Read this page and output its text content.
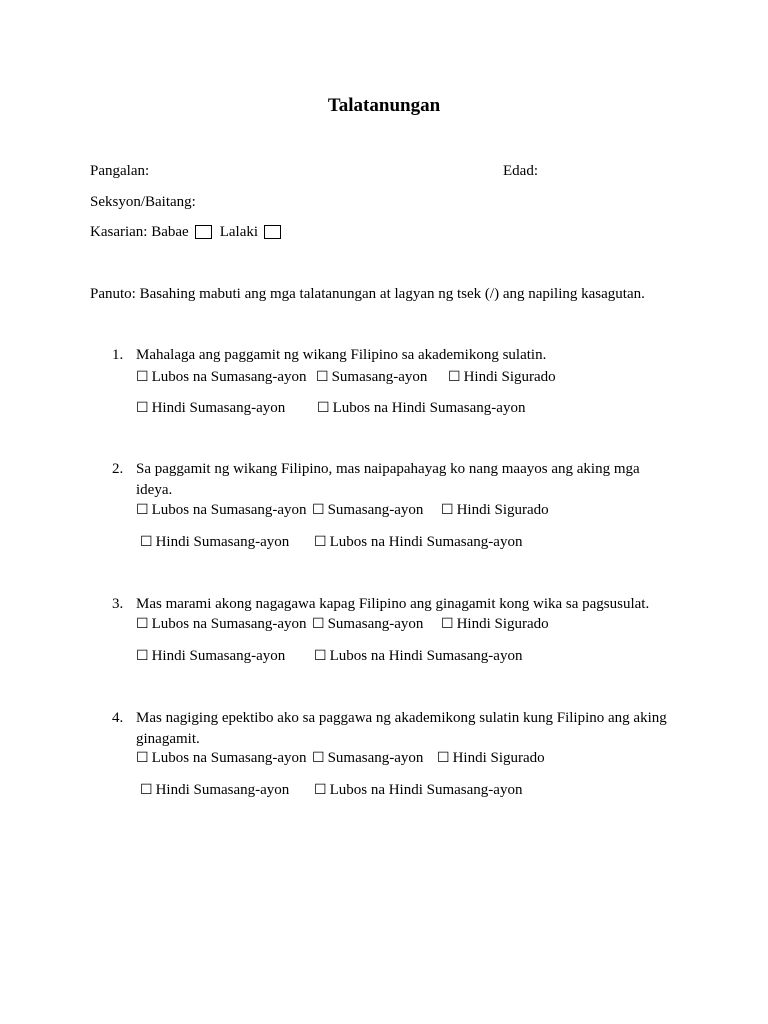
Talatanungan
Pangalan:	Edad:
Seksyon/Baitang:
Kasarian: Babae Lalaki
Panuto: Basahing mabuti ang mga talatanungan at lagyan ng tsek (/) ang napiling kasagutan.
1. Mahalaga ang paggamit ng wikang Filipino sa akademikong sulatin.
☐ Lubos na Sumasang-ayon ☐ Sumasang-ayon ☐ Hindi Sigurado
☐ Hindi Sumasang-ayon ☐ Lubos na Hindi Sumasang-ayon
2. Sa paggamit ng wikang Filipino, mas naipapahayag ko nang maayos ang aking mga ideya.
☐ Lubos na Sumasang-ayon ☐ Sumasang-ayon ☐ Hindi Sigurado
☐ Hindi Sumasang-ayon ☐ Lubos na Hindi Sumasang-ayon
3. Mas marami akong nagagawa kapag Filipino ang ginagamit kong wika sa pagsusulat.
☐ Lubos na Sumasang-ayon ☐ Sumasang-ayon ☐ Hindi Sigurado
☐ Hindi Sumasang-ayon ☐ Lubos na Hindi Sumasang-ayon
4. Mas nagiging epektibo ako sa paggawa ng akademikong sulatin kung Filipino ang aking ginagamit.
☐ Lubos na Sumasang-ayon ☐ Sumasang-ayon ☐ Hindi Sigurado
☐ Hindi Sumasang-ayon ☐ Lubos na Hindi Sumasang-ayon
